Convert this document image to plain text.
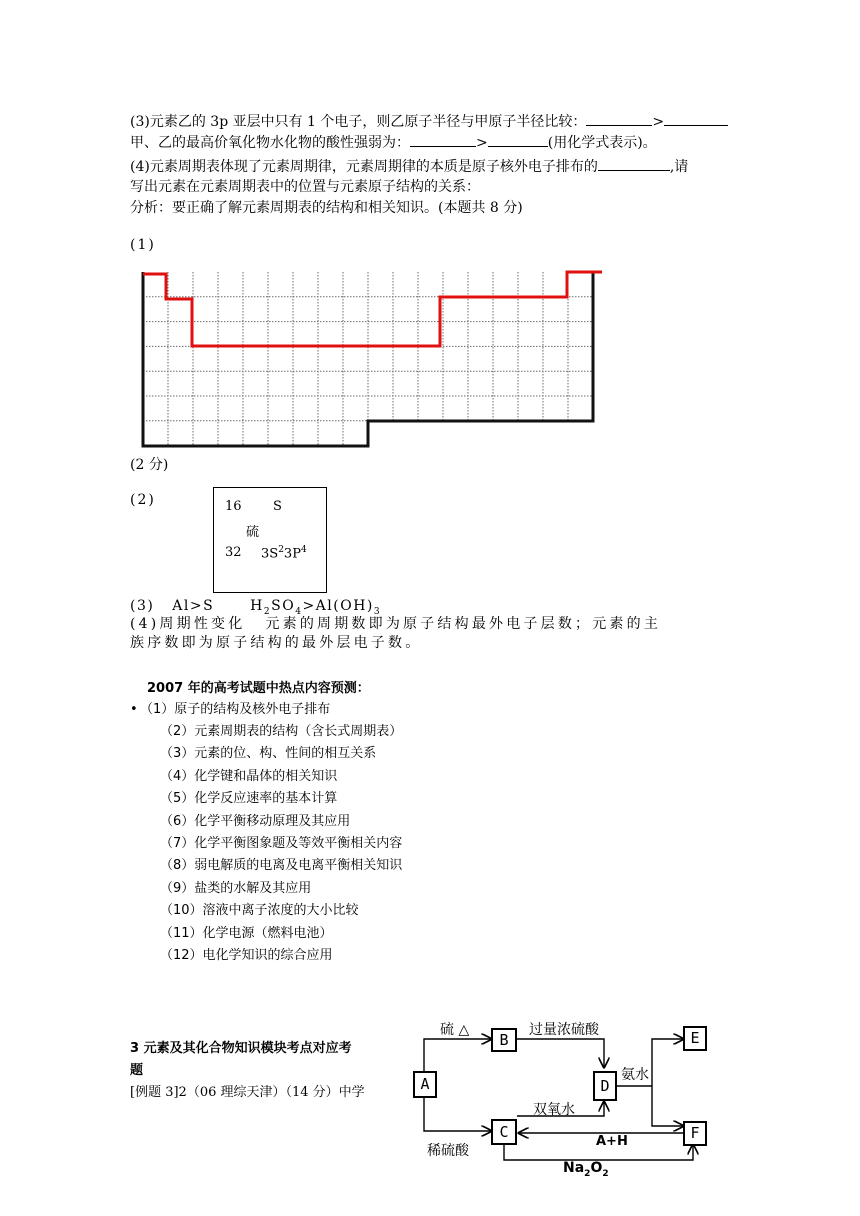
(3)元素乙的 3p 亚层中只有 1 个电子，则乙原子半径与甲原子半径比较：	>
甲、乙的最高价氧化物水化物的酸性强弱为：	>	(用化学式表示)。
(4)元素周期表体现了元素周期律，元素周期律的本质是原子核外电子排布的	,请
写出元素在元素周期表中的位置与元素原子结构的关系：
分析：要正确了解元素周期表的结构和相关知识。(本题共 8 分)
(1)
(2 分)
(2)	16 S
硫
32 $3S^23P^4$
(3) Al>S	$H_2SO_4>Al(OH)_3$
(4)周期性变化 元素的周期数即为原子结构最外电子层数；元素的主
族序数即为原子结构的最外层电子数。
2007 年的高考试题中热点内容预测：
• （1）原子的结构及核外电子排布
（2）元素周期表的结构（含长式周期表）
（3）元素的位、构、性间的相互关系
（4）化学键和晶体的相关知识
（5）化学反应速率的基本计算
（6）化学平衡移动原理及其应用
（7）化学平衡图象题及等效平衡相关内容
（8）弱电解质的电离及电离平衡相关知识
（9）盐类的水解及其应用
（10）溶液中离子浓度的大小比较
（11）化学电源（燃料电池）
（12）电化学知识的综合应用
3 元素及其化合物知识模块考点对应考
题
[例题 3]2（06 理综天津）（14 分）中学	A
B
C
D
E
F
硫 △	过量浓硫酸
氨水
双氧水
稀硫酸
A+H
$Na_2O_2$
